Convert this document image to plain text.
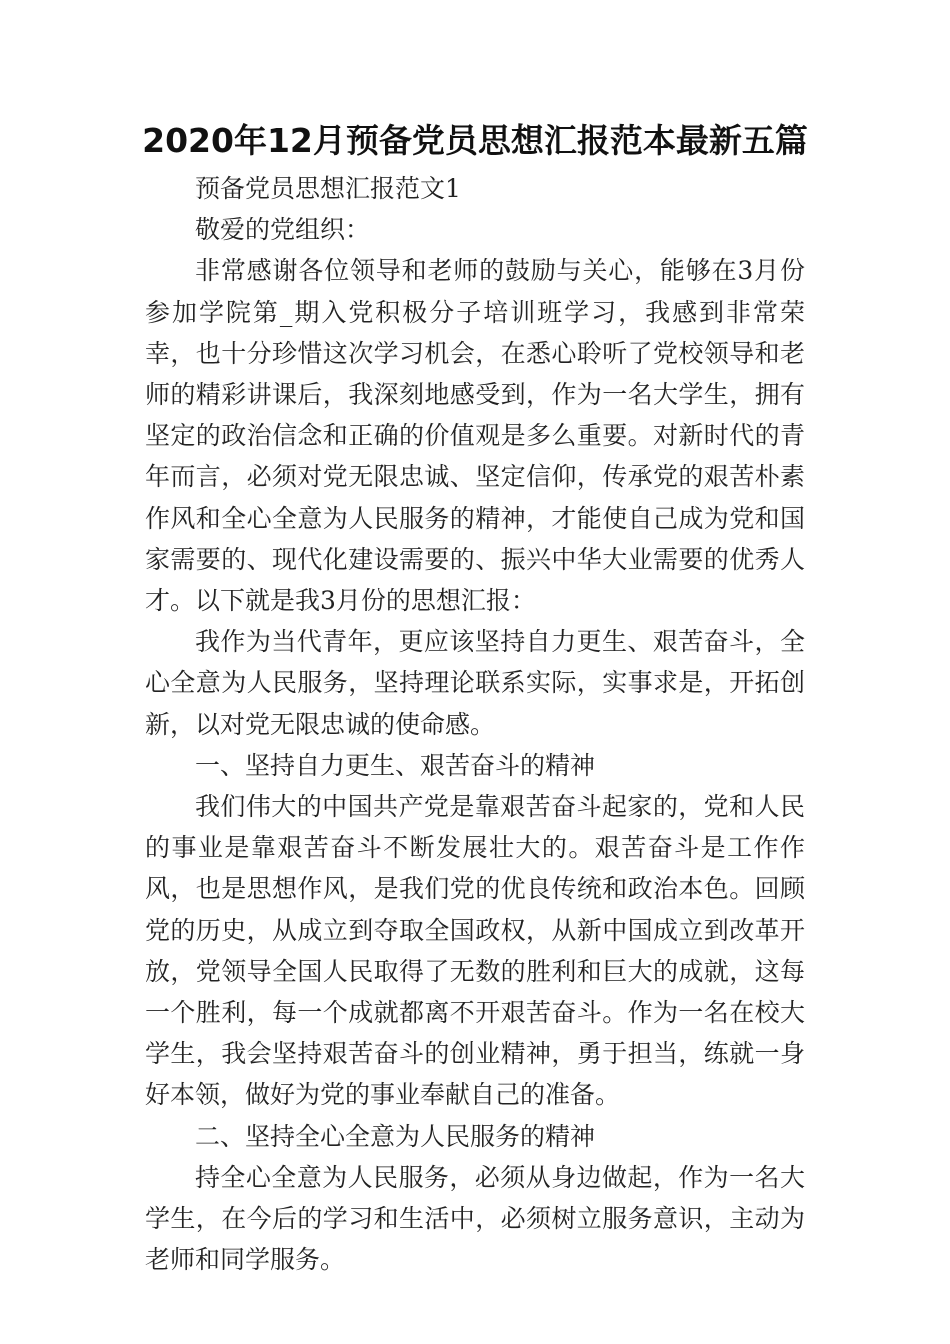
2020年12月预备党员思想汇报范本最新五篇

预备党员思想汇报范文1

敬爱的党组织：

非常感谢各位领导和老师的鼓励与关心，能够在3月份参加学院第_期入党积极分子培训班学习，我感到非常荣幸，也十分珍惜这次学习机会，在悉心聆听了党校领导和老师的精彩讲课后，我深刻地感受到，作为一名大学生，拥有坚定的政治信念和正确的价值观是多么重要。对新时代的青年而言，必须对党无限忠诚、坚定信仰，传承党的艰苦朴素作风和全心全意为人民服务的精神，才能使自己成为党和国家需要的、现代化建设需要的、振兴中华大业需要的优秀人才。以下就是我3月份的思想汇报：

我作为当代青年，更应该坚持自力更生、艰苦奋斗，全心全意为人民服务，坚持理论联系实际，实事求是，开拓创新，以对党无限忠诚的使命感。

一、坚持自力更生、艰苦奋斗的精神

我们伟大的中国共产党是靠艰苦奋斗起家的，党和人民的事业是靠艰苦奋斗不断发展壮大的。艰苦奋斗是工作作风，也是思想作风，是我们党的优良传统和政治本色。回顾党的历史，从成立到夺取全国政权，从新中国成立到改革开放，党领导全国人民取得了无数的胜利和巨大的成就，这每一个胜利，每一个成就都离不开艰苦奋斗。作为一名在校大学生，我会坚持艰苦奋斗的创业精神，勇于担当，练就一身好本领，做好为党的事业奉献自己的准备。

二、坚持全心全意为人民服务的精神

持全心全意为人民服务，必须从身边做起，作为一名大学生，在今后的学习和生活中，必须树立服务意识，主动为老师和同学服务。
